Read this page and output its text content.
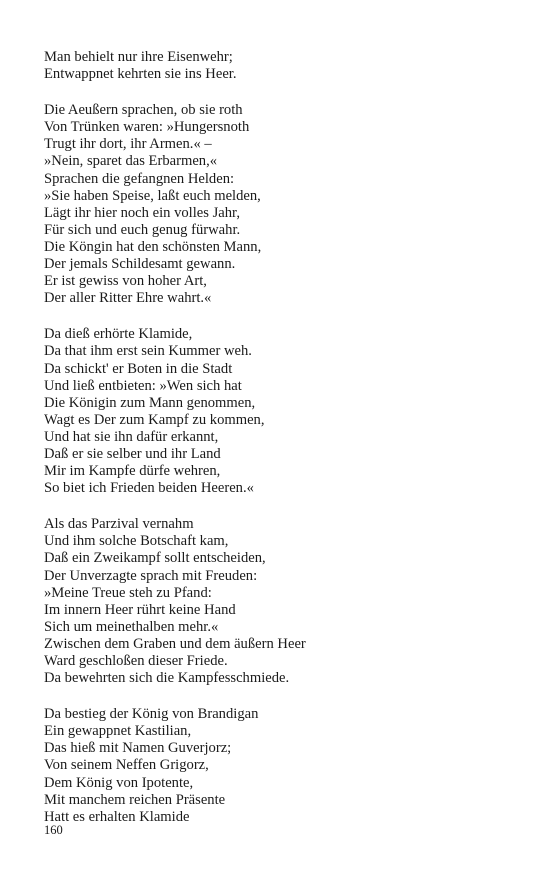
Man behielt nur ihre Eisenwehr;
Entwappnet kehrten sie ins Heer.
Die Aeußern sprachen, ob sie roth
Von Trünken waren: »Hungersnoth
Trugt ihr dort, ihr Armen.« –
»Nein, sparet das Erbarmen,«
Sprachen die gefangnen Helden:
»Sie haben Speise, laßt euch melden,
Lägt ihr hier noch ein volles Jahr,
Für sich und euch genug fürwahr.
Die Köngin hat den schönsten Mann,
Der jemals Schildesamt gewann.
Er ist gewiss von hoher Art,
Der aller Ritter Ehre wahrt.«
Da dieß erhörte Klamide,
Da that ihm erst sein Kummer weh.
Da schickt' er Boten in die Stadt
Und ließ entbieten: »Wen sich hat
Die Königin zum Mann genommen,
Wagt es Der zum Kampf zu kommen,
Und hat sie ihn dafür erkannt,
Daß er sie selber und ihr Land
Mir im Kampfe dürfe wehren,
So biet ich Frieden beiden Heeren.«
Als das Parzival vernahm
Und ihm solche Botschaft kam,
Daß ein Zweikampf sollt entscheiden,
Der Unverzagte sprach mit Freuden:
»Meine Treue steh zu Pfand:
Im innern Heer rührt keine Hand
Sich um meinethalben mehr.«
Zwischen dem Graben und dem äußern Heer
Ward geschloßen dieser Friede.
Da bewehrten sich die Kampfesschmiede.
Da bestieg der König von Brandigan
Ein gewappnet Kastilian,
Das hieß mit Namen Guverjorz;
Von seinem Neffen Grigorz,
Dem König von Ipotente,
Mit manchem reichen Präsente
Hatt es erhalten Klamide
160
